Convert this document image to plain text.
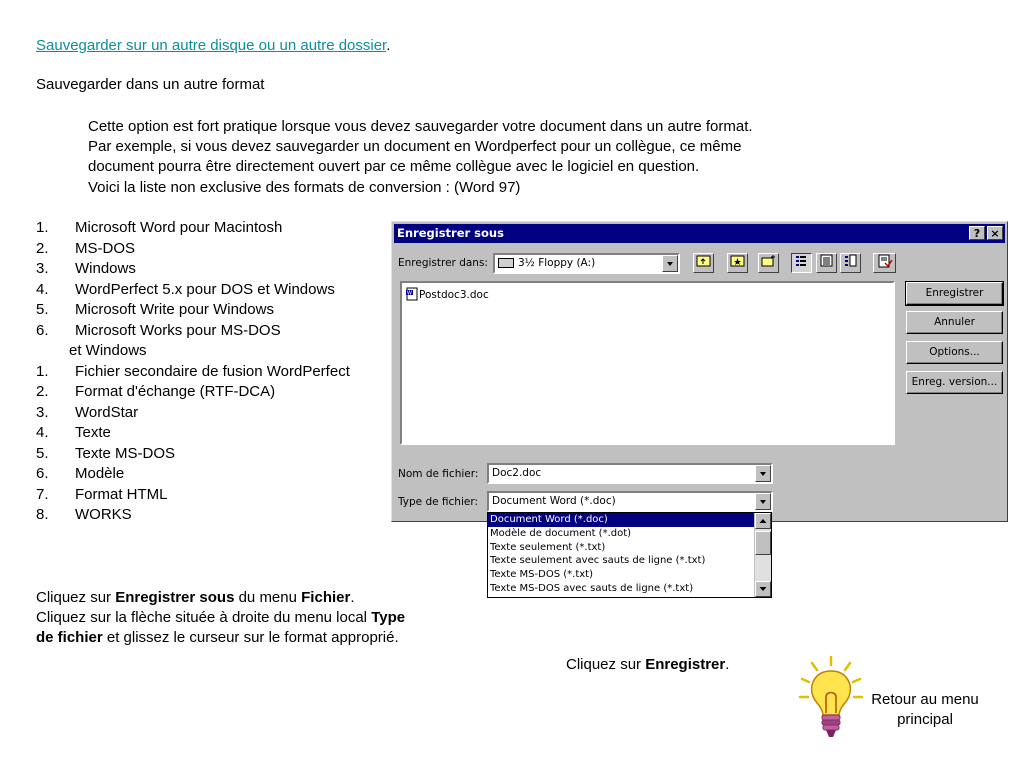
Sauvegarder sur un autre disque ou un autre dossier.
Sauvegarder dans un autre format
Cette option est fort pratique lorsque vous devez sauvegarder votre document dans un autre format.
Par exemple, si vous devez sauvegarder un document en Wordperfect pour un collègue, ce même
document pourra être directement ouvert par ce même collègue avec le logiciel en question.
Voici la liste non exclusive des formats de conversion : (Word 97)
1. Microsoft Word pour Macintosh
2. MS-DOS
3. Windows
4. WordPerfect 5.x pour DOS et Windows
5. Microsoft Write pour Windows
6. Microsoft Works pour MS-DOS
et Windows
1. Fichier secondaire de fusion WordPerfect
2. Format d'échange (RTF-DCA)
3. WordStar
4. Texte
5. Texte MS-DOS
6. Modèle
7. Format HTML
8. WORKS
Enregistrer sous	? ×
Enregistrer dans:	3½ Floppy (A:)
W Postdoc3.doc	Enregistrer
Annuler
Options...
Enreg. version...
Nom de fichier:	Doc2.doc
Type de fichier:	Document Word (*.doc)
Document Word (*.doc)
Modèle de document (*.dot)
Texte seulement (*.txt)
Texte seulement avec sauts de ligne (*.txt)
Texte MS-DOS (*.txt)
Texte MS-DOS avec sauts de ligne (*.txt)
Cliquez sur Enregistrer sous du menu Fichier.
Cliquez sur la flèche située à droite du menu local Type
de fichier et glissez le curseur sur le format approprié.
Cliquez sur Enregistrer.
Retour au menu
principal
